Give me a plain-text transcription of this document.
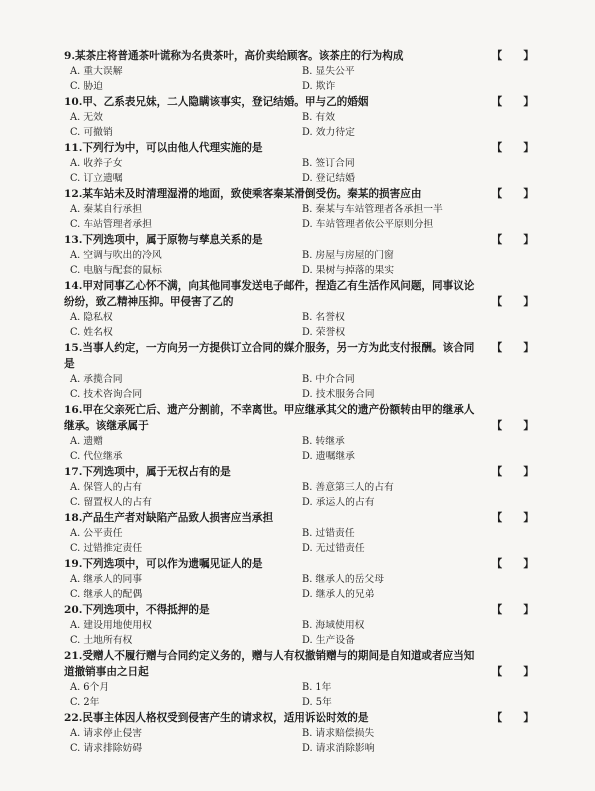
9.某茶庄将普通茶叶谎称为名贵茶叶，高价卖给顾客。该茶庄的行为构成	【　　】
A. 重大误解	B. 显失公平
C. 胁迫	D. 欺诈
10.甲、乙系表兄妹，二人隐瞒该事实，登记结婚。甲与乙的婚姻	【　　】
A. 无效	B. 有效
C. 可撤销	D. 效力待定
11.下列行为中，可以由他人代理实施的是	【　　】
A. 收养子女	B. 签订合同
C. 订立遗嘱	D. 登记结婚
12.某车站未及时清理湿滑的地面，致使乘客秦某滑倒受伤。秦某的损害应由	【　　】
A. 秦某自行承担	B. 秦某与车站管理者各承担一半
C. 车站管理者承担	D. 车站管理者依公平原则分担
13.下列选项中，属于原物与孳息关系的是	【　　】
A. 空调与吹出的冷风	B. 房屋与房屋的门窗
C. 电脑与配套的鼠标	D. 果树与掉落的果实
14.甲对同事乙心怀不满，向其他同事发送电子邮件，捏造乙有生活作风问题，同事议论纷纷，致乙精神压抑。甲侵害了乙的	【　　】
A. 隐私权	B. 名誉权
C. 姓名权	D. 荣誉权
15.当事人约定，一方向另一方提供订立合同的媒介服务，另一方为此支付报酬。该合同是
【　　】
A. 承揽合同	B. 中介合同
C. 技术咨询合同	D. 技术服务合同
16.甲在父亲死亡后、遗产分割前，不幸离世。甲应继承其父的遗产份额转由甲的继承人继承。该继承属于	【　　】
A. 遗赠	B. 转继承
C. 代位继承	D. 遗嘱继承
17.下列选项中，属于无权占有的是	【　　】
A. 保管人的占有	B. 善意第三人的占有
C. 留置权人的占有	D. 承运人的占有
18.产品生产者对缺陷产品致人损害应当承担	【　　】
A. 公平责任	B. 过错责任
C. 过错推定责任	D. 无过错责任
19.下列选项中，可以作为遗嘱见证人的是	【　　】
A. 继承人的同事	B. 继承人的岳父母
C. 继承人的配偶	D. 继承人的兄弟
20.下列选项中，不得抵押的是	【　　】
A. 建设用地使用权	B. 海域使用权
C. 土地所有权	D. 生产设备
21.受赠人不履行赠与合同约定义务的，赠与人有权撤销赠与的期间是自知道或者应当知道撤销事由之日起	【　　】
A. 6个月	B. 1年
C. 2年	D. 5年
22.民事主体因人格权受到侵害产生的请求权，适用诉讼时效的是	【　　】
A. 请求停止侵害	B. 请求赔偿损失
C. 请求排除妨碍	D. 请求消除影响
